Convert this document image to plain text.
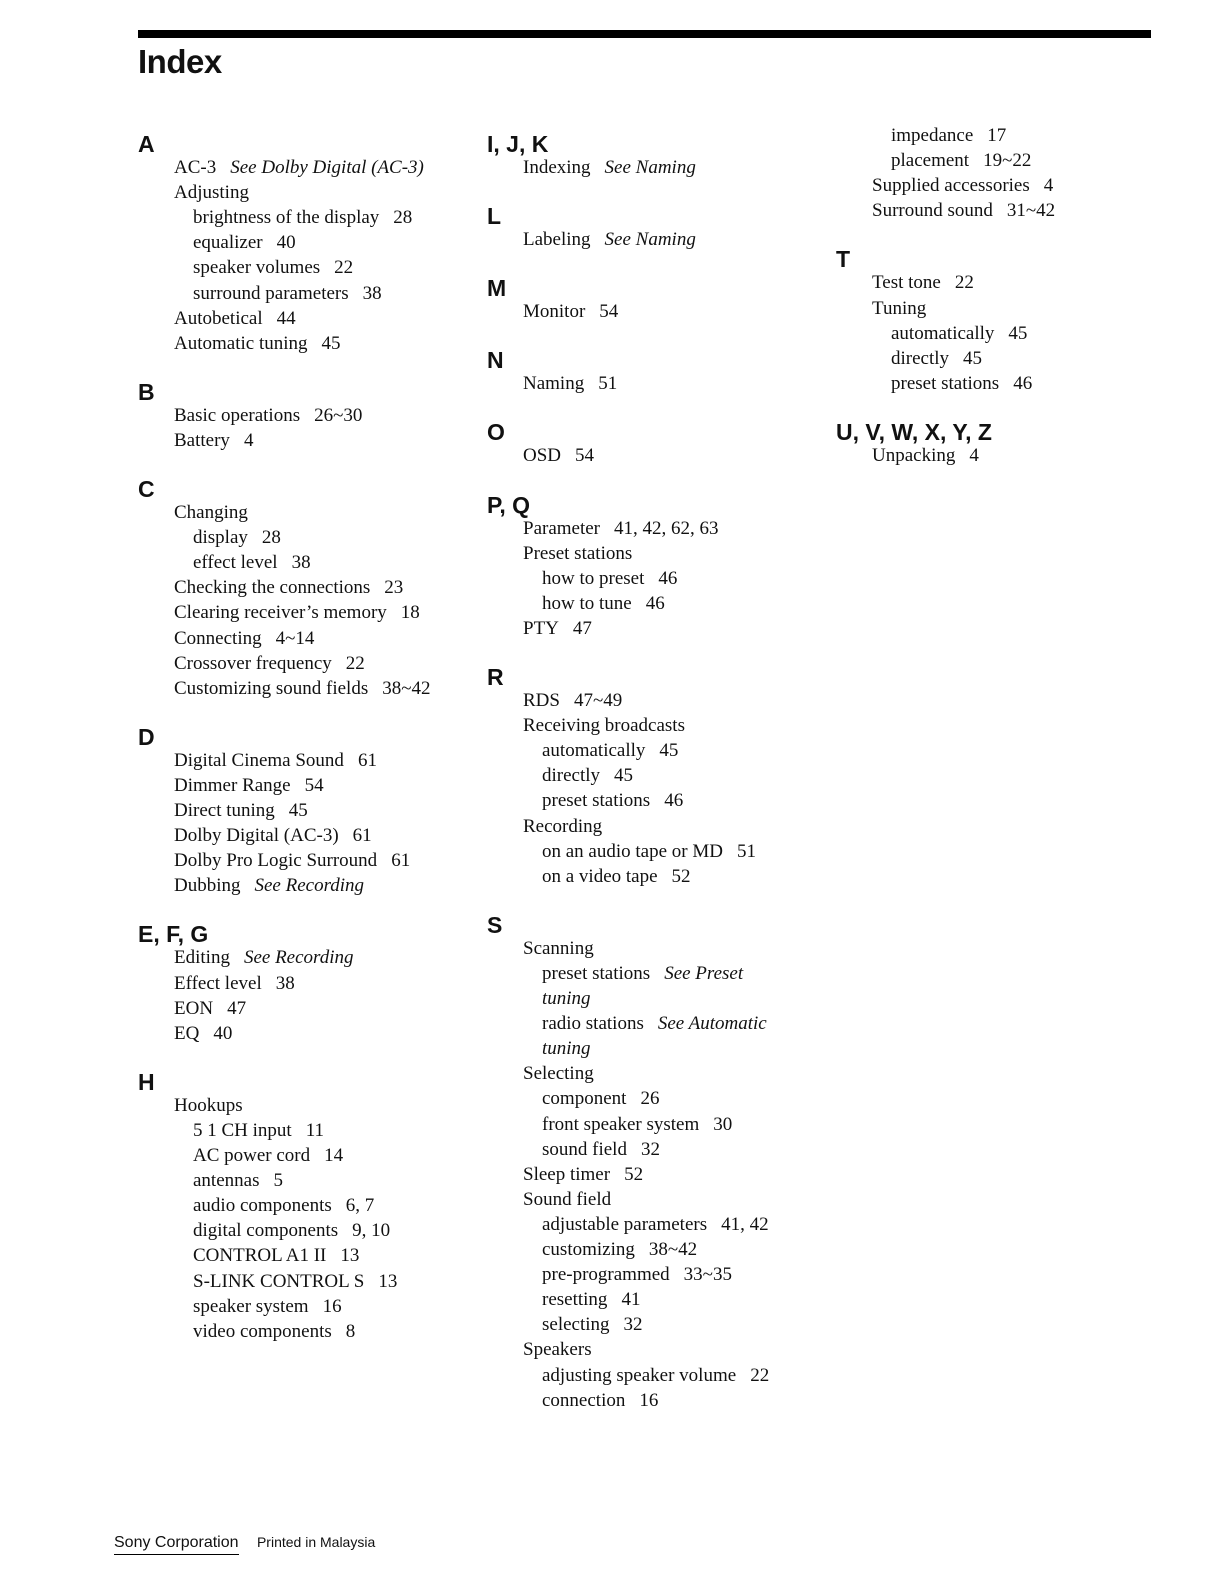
Index
A
AC-3 See Dolby Digital (AC-3)
Adjusting
brightness of the display 28
equalizer 40
speaker volumes 22
surround parameters 38
Autobetical 44
Automatic tuning 45
B
Basic operations 26~30
Battery 4
C
Changing
display 28
effect level 38
Checking the connections 23
Clearing receiver’s memory 18
Connecting 4~14
Crossover frequency 22
Customizing sound fields 38~42
D
Digital Cinema Sound 61
Dimmer Range 54
Direct tuning 45
Dolby Digital (AC-3) 61
Dolby Pro Logic Surround 61
Dubbing See Recording
E, F, G
Editing See Recording
Effect level 38
EON 47
EQ 40
H
Hookups
5 1 CH input 11
AC power cord 14
antennas 5
audio components 6, 7
digital components 9, 10
CONTROL A1 II 13
S-LINK CONTROL S 13
speaker system 16
video components 8
I, J, K
Indexing See Naming
L
Labeling See Naming
M
Monitor 54
N
Naming 51
O
OSD 54
P, Q
Parameter 41, 42, 62, 63
Preset stations
how to preset 46
how to tune 46
PTY 47
R
RDS 47~49
Receiving broadcasts
automatically 45
directly 45
preset stations 46
Recording
on an audio tape or MD 51
on a video tape 52
S
Scanning
preset stations See Preset
tuning
radio stations See Automatic
tuning
Selecting
component 26
front speaker system 30
sound field 32
Sleep timer 52
Sound field
adjustable parameters 41, 42
customizing 38~42
pre-programmed 33~35
resetting 41
selecting 32
Speakers
adjusting speaker volume 22
connection 16
impedance 17
placement 19~22
Supplied accessories 4
Surround sound 31~42
T
Test tone 22
Tuning
automatically 45
directly 45
preset stations 46
U, V, W, X, Y, Z
Unpacking 4
Sony Corporation Printed in Malaysia
